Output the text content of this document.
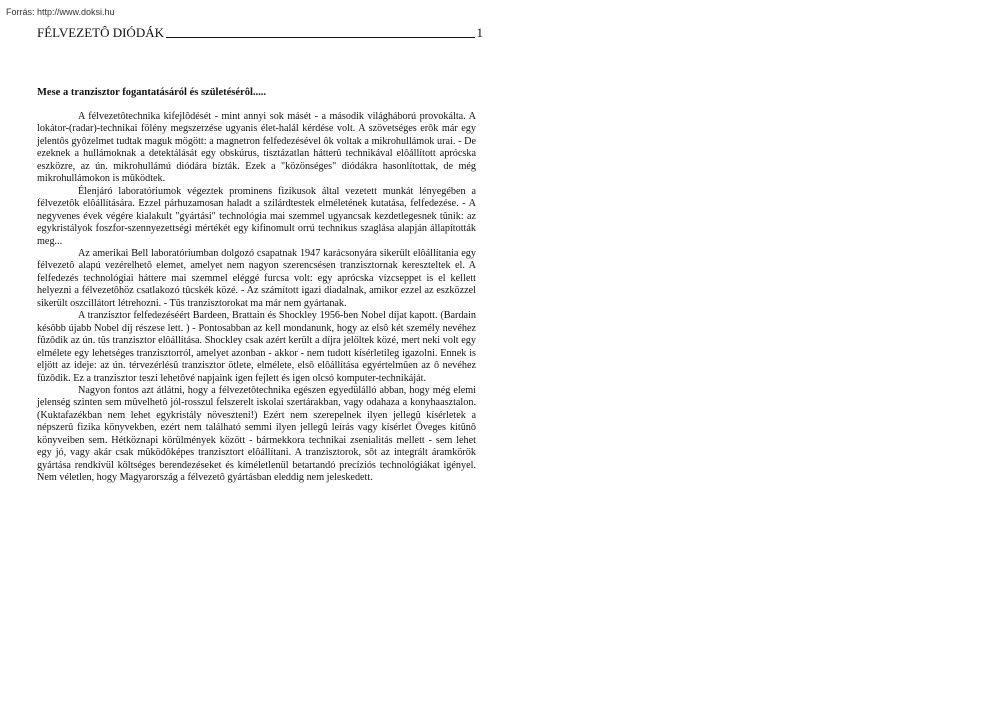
Forrás: http://www.doksi.hu

FÉLVEZETÔ DIÓDÁK	1
Mese a tranzisztor fogantatásáról és születésérôl.....

A félvezetôtechnika kifejlôdését - mint annyi sok másét - a második világháború provokálta. A lokátor-(radar)-technikai fölény megszerzése ugyanis élet-halál kérdése volt. A szövetséges erôk már egy jelentôs gyôzelmet tudtak maguk mögött: a magnetron felfedezésével ôk voltak a mikrohullámok urai. - De ezeknek a hullámoknak a detektálását egy obskúrus, tisztázatlan hátterû technikával elôállított aprócska eszközre, az ún. mikrohullámú diódára bízták. Ezek a "közönséges" diódákra hasonlítottak, de még mikrohullámokon is mûködtek.

Élenjáró laboratóriumok végeztek prominens fizikusok által vezetett munkát lényegében a félvezetôk elôállítására. Ezzel párhuzamosan haladt a szilárdtestek elméletének kutatása, felfedezése. - A negyvenes évek végére kialakult "gyártási" technológia mai szemmel ugyancsak kezdetlegesnek tûnik: az egykristályok foszfor-szennyezettségi mértékét egy kifinomult orrú technikus szaglása alapján állapították meg...

Az amerikai Bell laboratóriumban dolgozó csapatnak 1947 karácsonyára sikerült elôállítania egy félvezetô alapú vezérelhetô elemet, amelyet nem nagyon szerencsésen tranzisztornak kereszteltek el. A felfedezés technológiai háttere mai szemmel eléggé furcsa volt: egy aprócska vízcseppet is el kellett helyezni a félvezetôhöz csatlakozó tûcskék közé. - Az számított igazi diadalnak, amikor ezzel az eszközzel sikerült oszcillátort létrehozni. - Tûs tranzisztorokat ma már nem gyártanak.

A tranzisztor felfedezéséért Bardeen, Brattain és Shockley 1956-ben Nobel díjat kapott. (Bardain késôbb újabb Nobel díj részese lett. ) - Pontosabban az kell mondanunk, hogy az elsô két személy nevéhez fûzôdik az ún. tûs tranzisztor elôállítása. Shockley csak azért került a díjra jelöltek közé, mert neki volt egy elmélete egy lehetséges tranzisztorról, amelyet azonban - akkor - nem tudott kísérletileg igazolni. Ennek is eljött az ideje: az ún. térvezérlésû tranzisztor ötlete, elmélete, elsô elôállítása egyértelmûen az ô nevéhez fûzôdik. Ez a tranzisztor teszi lehetôvé napjaink igen fejlett és igen olcsó komputer-technikáját.

Nagyon fontos azt átlátni, hogy a félvezetôtechnika egészen egyedülálló abban, hogy még elemi jelenség szinten sem mûvelhetô jól-rosszul felszerelt iskolai szertárakban, vagy odahaza a konyhaasztalon. (Kuktafazékban nem lehet egykristály növeszteni!) Ezért nem szerepelnek ilyen jellegû kísérletek a népszerû fizika könyvekben, ezért nem található semmi ilyen jellegû leírás vagy kísérlet Öveges kitûnô könyveiben sem. Hétköznapi körülmények között - bármekkora technikai zsenialitás mellett - sem lehet egy jó, vagy akár csak mûködôképes tranzisztort elôállítani. A tranzisztorok, sôt az integrált áramkörök gyártása rendkívül költséges berendezéseket és kíméletlenül betartandó precíziós technológiákat igényel. Nem véletlen, hogy Magyarország a félvezetô gyártásban eleddig nem jeleskedett.
